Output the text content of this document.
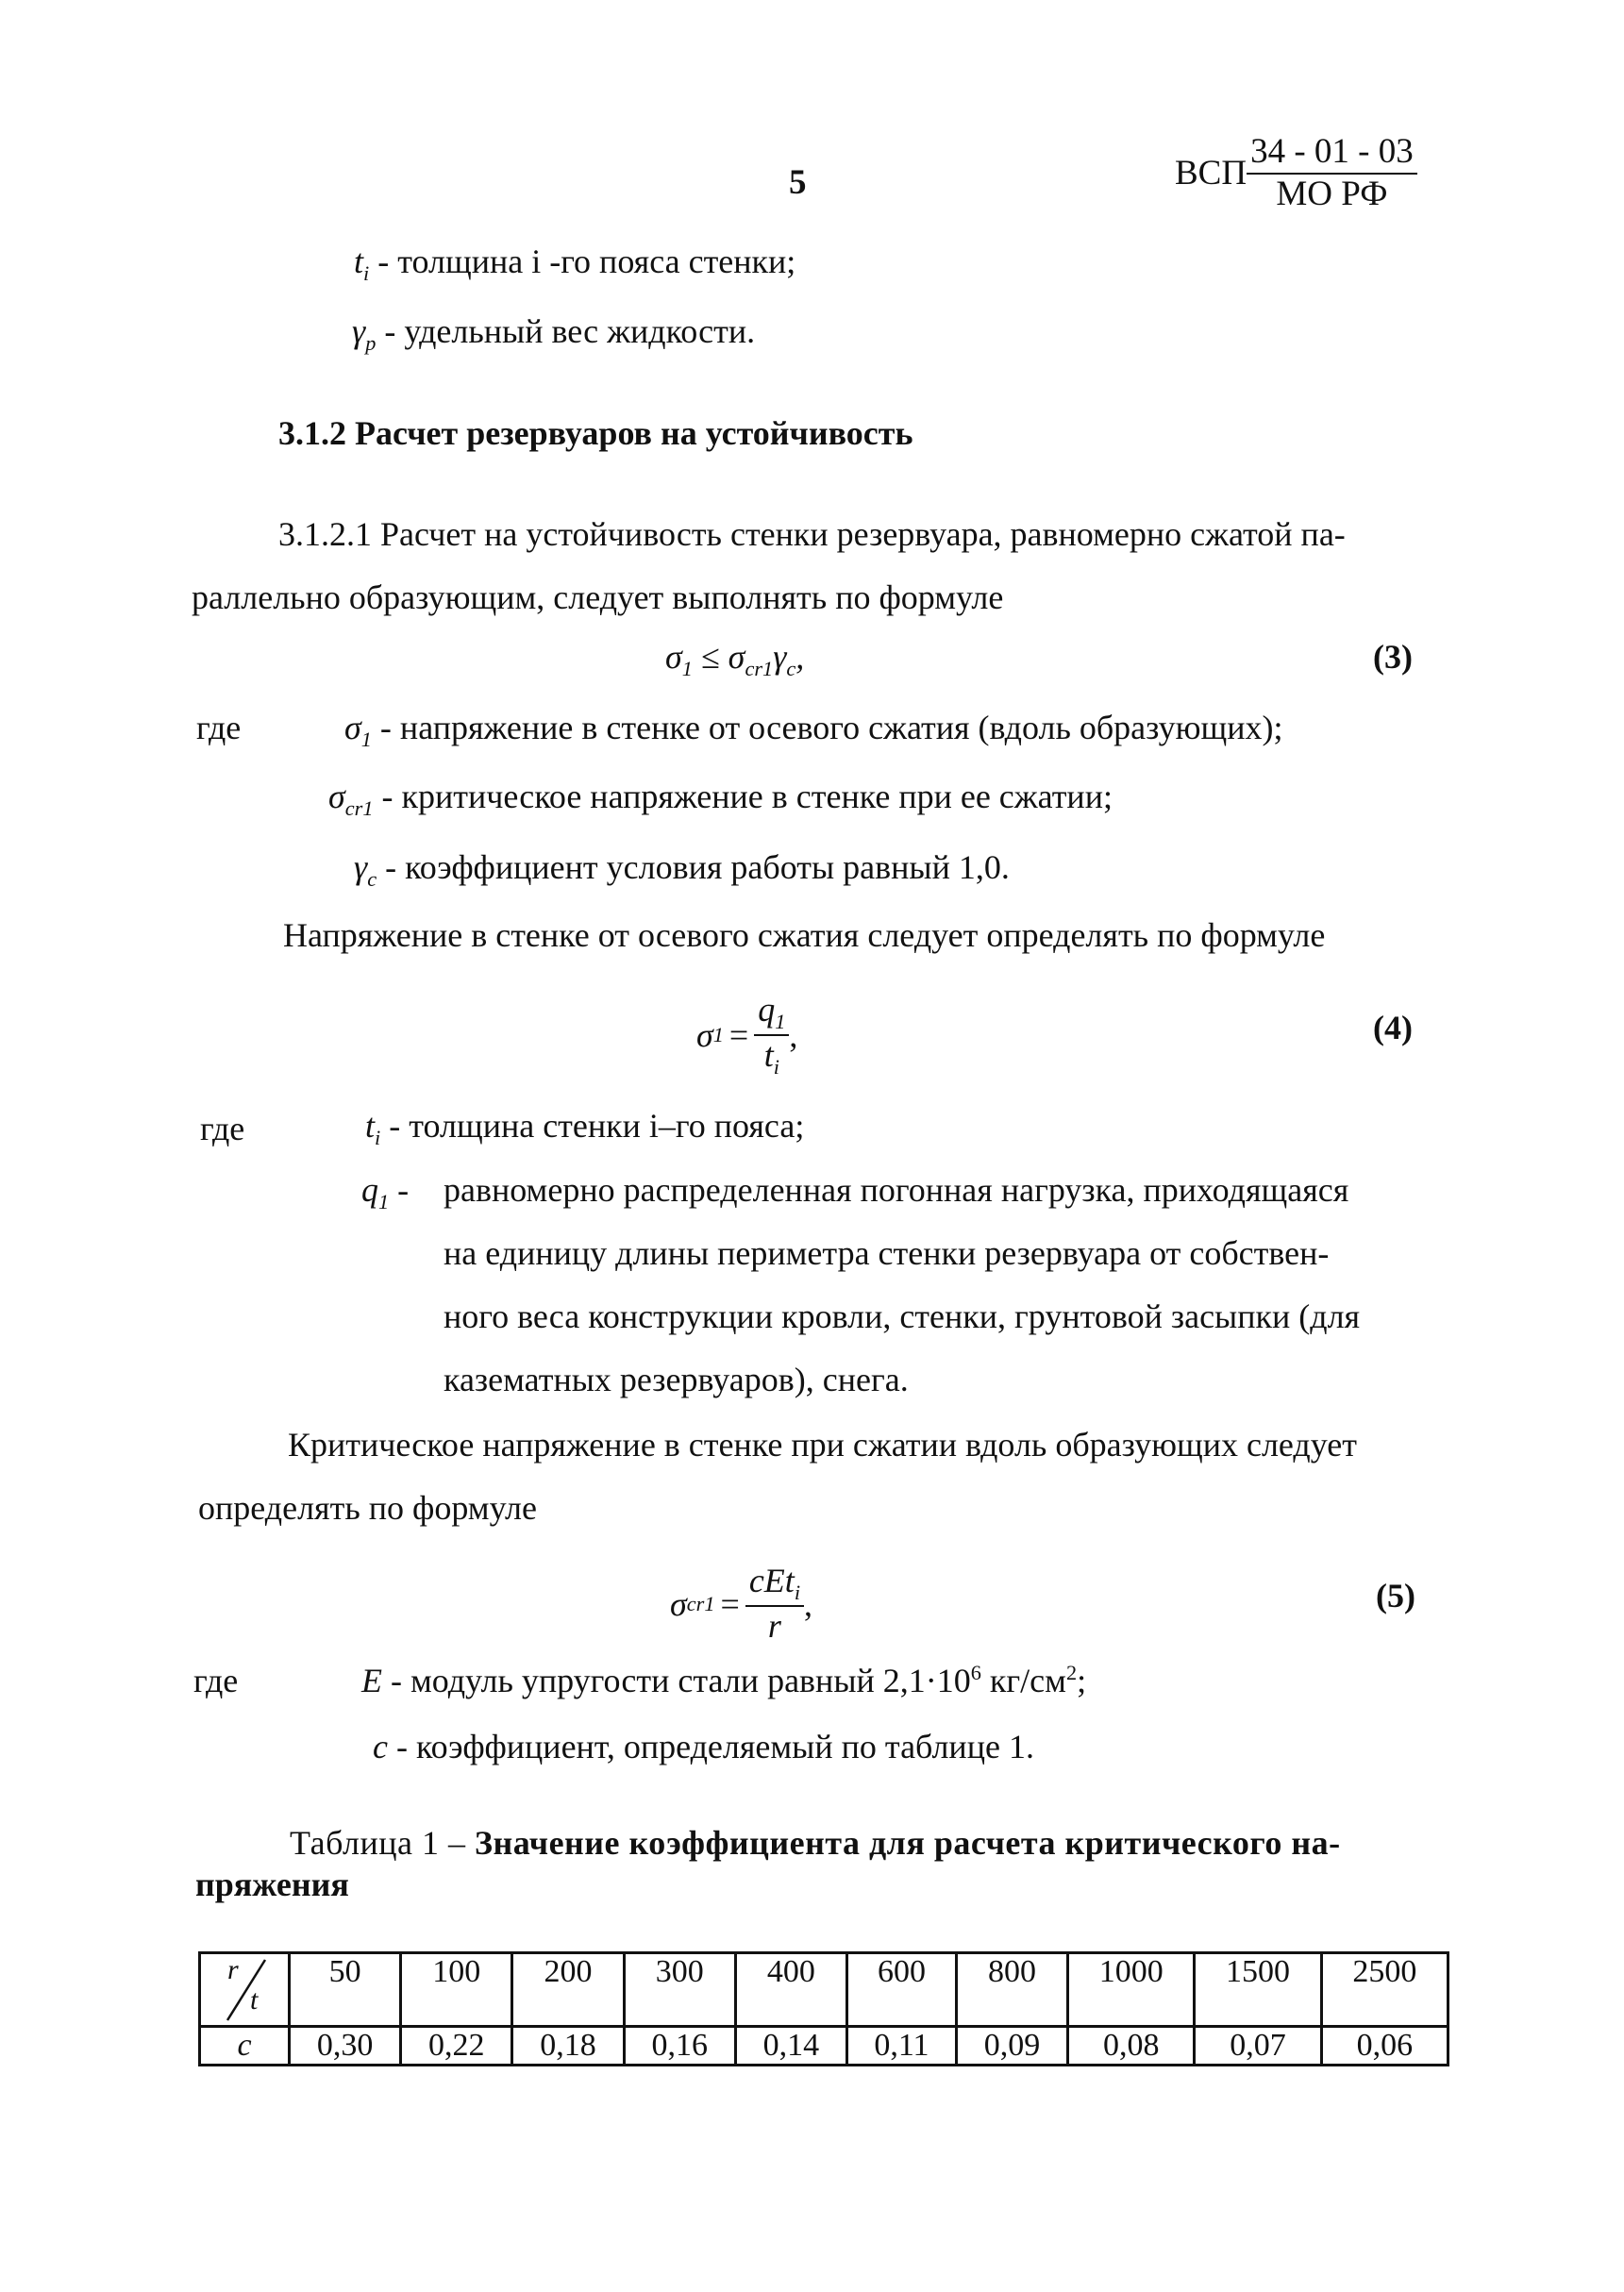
5	ВСП $\frac{34 - 01 - 03}{\text{МО РФ}}$
$t_i$ - толщина i -го пояса стенки;
$\gamma_p$ - удельный вес жидкости.
3.1.2 Расчет резервуаров на устойчивость
3.1.2.1 Расчет на устойчивость стенки резервуара, равномерно сжатой па-
раллельно образующим, следует выполнять по формуле
$\sigma_1 \le \sigma_{cr1}\gamma_c$,	(3)
где	$\sigma_1$ - напряжение в стенке от осевого сжатия (вдоль образующих);
$\sigma_{cr1}$ - критическое напряжение в стенке при ее сжатии;
$\gamma_c$ - коэффициент условия работы равный 1,0.
Напряжение в стенке от осевого сжатия следует определять по формуле
σ $1 = \frac{q_1}{t_i}$ ,	(4)
где	$t_i$ - толщина стенки i–го пояса;
$q_1$ - равномерно распределенная погонная нагрузка, приходящаяся
на единицу длины периметра стенки резервуара от собствен-
ного веса конструкции кровли, стенки, грунтовой засыпки (для
казематных резервуаров), снега.
Критическое напряжение в стенке при сжатии вдоль образующих следует
определять по формуле
σ $cr1 = \frac{cEt_i}{r}$ ,	(5)
где	E - модуль упругости стали равный $2,1\cdot 10^6$ $кг/см^2$;
c - коэффициент, определяемый по таблице 1.
Таблица 1 – Значение коэффициента для расчета критического на-
пряжения
r
t	50	100	200	300	400	600	800	1000	1500	2500
c	0,30	0,22	0,18	0,16	0,14	0,11	0,09	0,08	0,07	0,06
